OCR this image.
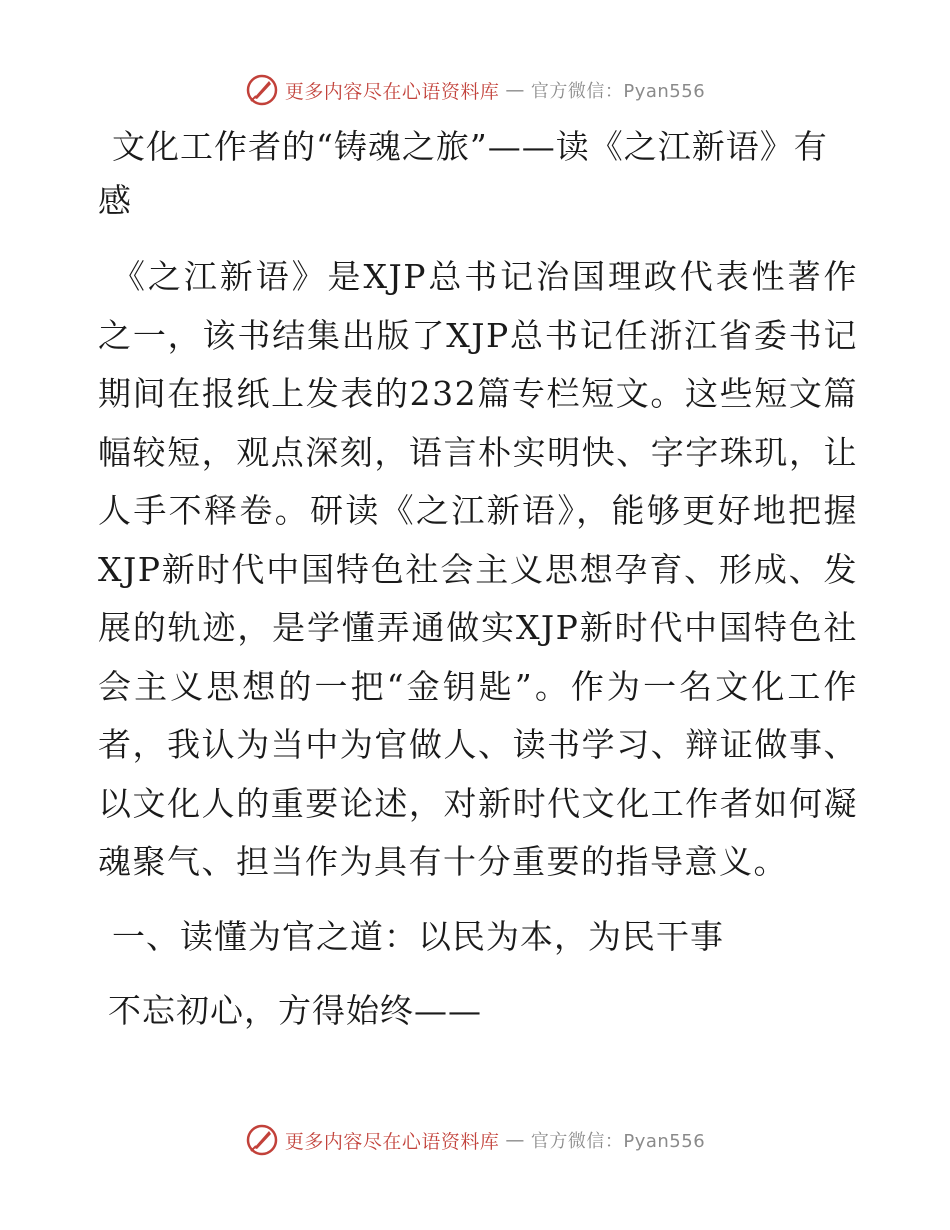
更多内容尽在心语资料库 — 官方微信：Pyan556
文化工作者的“铸魂之旅”——读《之江新语》有感

《之江新语》是XJP总书记治国理政代表性著作之一，该书结集出版了XJP总书记任浙江省委书记期间在报纸上发表的232篇专栏短文。这些短文篇幅较短，观点深刻，语言朴实明快、字字珠玑，让人手不释卷。研读《之江新语》，能够更好地把握XJP新时代中国特色社会主义思想孕育、形成、发展的轨迹，是学懂弄通做实XJP新时代中国特色社会主义思想的一把“金钥匙”。作为一名文化工作者，我认为当中为官做人、读书学习、辩证做事、以文化人的重要论述，对新时代文化工作者如何凝魂聚气、担当作为具有十分重要的指导意义。

一、读懂为官之道：以民为本，为民干事

不忘初心，方得始终——

更多内容尽在心语资料库 — 官方微信：Pyan556
